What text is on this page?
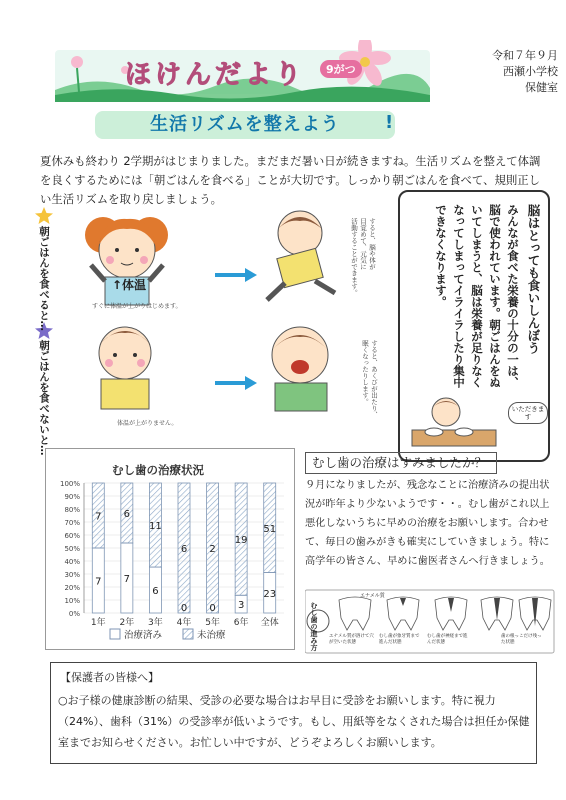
ほけんだより	9がつ
令和７年９月
西瀬小学校
保健室
生活リズムを整えよう	!
夏休みも終わり 2学期がはじまりました。まだまだ暑い日が続きますね。生活リズムを整えて体調を良くするためには「朝ごはんを食べる」ことが大切です。しっかり朝ごはんを食べて、規則正しい生活リズムを取り戻しましょう。
朝ごはんを食べると…
朝ごはんを食べないと…
↑体温
すぐに体温が上がりはじめます。
体温が上がりません。
すると、脳や体が
目覚めて、元気に
活動することができます。
すると、あくびが出たり、
眠くなったりします。
脳はとっても食いしんぼう
みんなが食べた栄養の十分の一は、
脳で使われています。朝ごはんをぬ
いてしまうと、脳は栄養が足りなく
なってしまってイライラしたり集中
できなくなります。
いただきます
むし歯の治療状況
0%
10%
20%
30%
40%
50%
60%
70%
80%
90%
100%
7
7
1年
7
6
2年
6
11
3年
0
6
4年
0
2
5年
3
19
6年
23
51
全体
治療済み	未治療
むし歯の治療はすみましたか？
９月になりましたが、残念なことに治療済みの提出状況が昨年より少ないようです・・。むし歯がこれ以上悪化しないうちに早めの治療をお願いします。合わせて、毎日の歯みがきも確実にしていきましょう。特に高学年の皆さん、早めに歯医者さんへ行きましょう。
むし歯の進み方
エナメル質
エナメル質が溶けて穴が空いた状態
むし歯が象牙質まで進んだ状態
むし歯が神経まで進んだ状態
歯の根っこだけ残った状態
【保護者の皆様へ】
○お子様の健康診断の結果、受診の必要な場合はお早目に受診をお願いします。特に視力（24%）、歯科（31%）の受診率が低いようです。もし、用紙等をなくされた場合は担任か保健室までお知らせください。お忙しい中ですが、どうぞよろしくお願いします。
